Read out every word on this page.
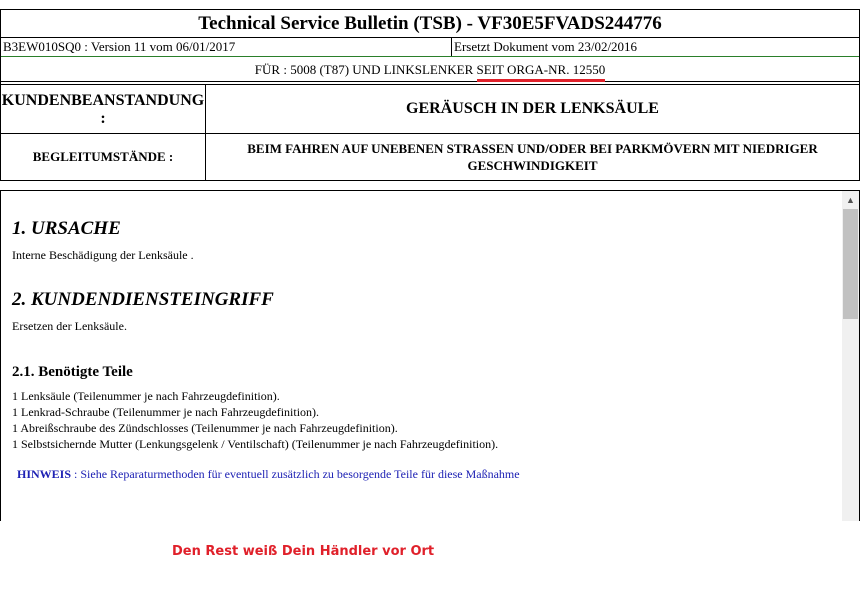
Technical Service Bulletin (TSB) - VF30E5FVADS244776
B3EW010SQ0 : Version 11 vom 06/01/2017	Ersetzt Dokument vom 23/02/2016
FÜR : 5008 (T87) UND LINKSLENKER SEIT ORGA-NR. 12550
KUNDENBEANSTANDUNG :
GERÄUSCH IN DER LENKSÄULE
BEGLEITUMSTÄNDE :
BEIM FAHREN AUF UNEBENEN STRASSEN UND/ODER BEI PARKMÖVERN MIT NIEDRIGER GESCHWINDIGKEIT
1. URSACHE
Interne Beschädigung der Lenksäule .
2. KUNDENDIENSTEINGRIFF
Ersetzen der Lenksäule.
2.1. Benötigte Teile
1 Lenksäule (Teilenummer je nach Fahrzeugdefinition).
1 Lenkrad-Schraube (Teilenummer je nach Fahrzeugdefinition).
1 Abreißschraube des Zündschlosses (Teilenummer je nach Fahrzeugdefinition).
1 Selbstsichernde Mutter (Lenkungsgelenk / Ventilschaft) (Teilenummer je nach Fahrzeugdefinition).
HINWEIS : Siehe Reparaturmethoden für eventuell zusätzlich zu besorgende Teile für diese Maßnahme
▲
Den Rest weiß Dein Händler vor Ort
